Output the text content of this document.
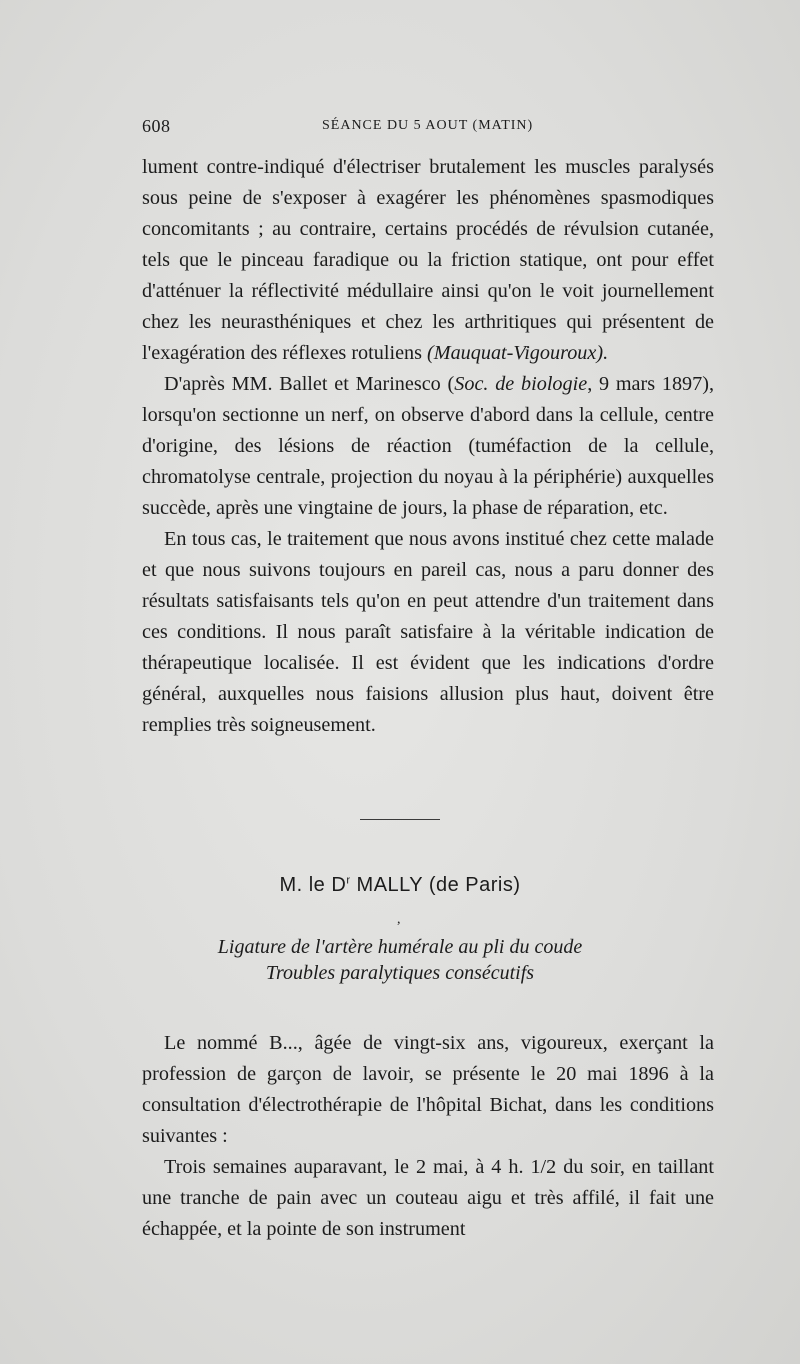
608	SÉANCE DU 5 AOUT (MATIN)

lument contre-indiqué d'électriser brutalement les muscles paralysés sous peine de s'exposer à exagérer les phénomènes spasmodiques concomitants ; au contraire, certains procédés de révulsion cutanée, tels que le pinceau faradique ou la friction statique, ont pour effet d'atténuer la réflectivité médullaire ainsi qu'on le voit journellement chez les neurasthéniques et chez les arthritiques qui présentent de l'exagération des réflexes rotuliens (Mauquat-Vigouroux).

D'après MM. Ballet et Marinesco (Soc. de biologie, 9 mars 1897), lorsqu'on sectionne un nerf, on observe d'abord dans la cellule, centre d'origine, des lésions de réaction (tuméfaction de la cellule, chromatolyse centrale, projection du noyau à la périphérie) auxquelles succède, après une vingtaine de jours, la phase de réparation, etc.

En tous cas, le traitement que nous avons institué chez cette malade et que nous suivons toujours en pareil cas, nous a paru donner des résultats satisfaisants tels qu'on en peut attendre d'un traitement dans ces conditions. Il nous paraît satisfaire à la véritable indication de thérapeutique localisée. Il est évident que les indications d'ordre général, auxquelles nous faisions allusion plus haut, doivent être remplies très soigneusement.

M. le $D^r$ MALLY (de Paris)
,
Ligature de l'artère humérale au pli du coude
Troubles paralytiques consécutifs

Le nommé B..., âgée de vingt-six ans, vigoureux, exerçant la profession de garçon de lavoir, se présente le 20 mai 1896 à la consultation d'électrothérapie de l'hôpital Bichat, dans les conditions suivantes :

Trois semaines auparavant, le 2 mai, à 4 h. 1/2 du soir, en taillant une tranche de pain avec un couteau aigu et très affilé, il fait une échappée, et la pointe de son instrument
